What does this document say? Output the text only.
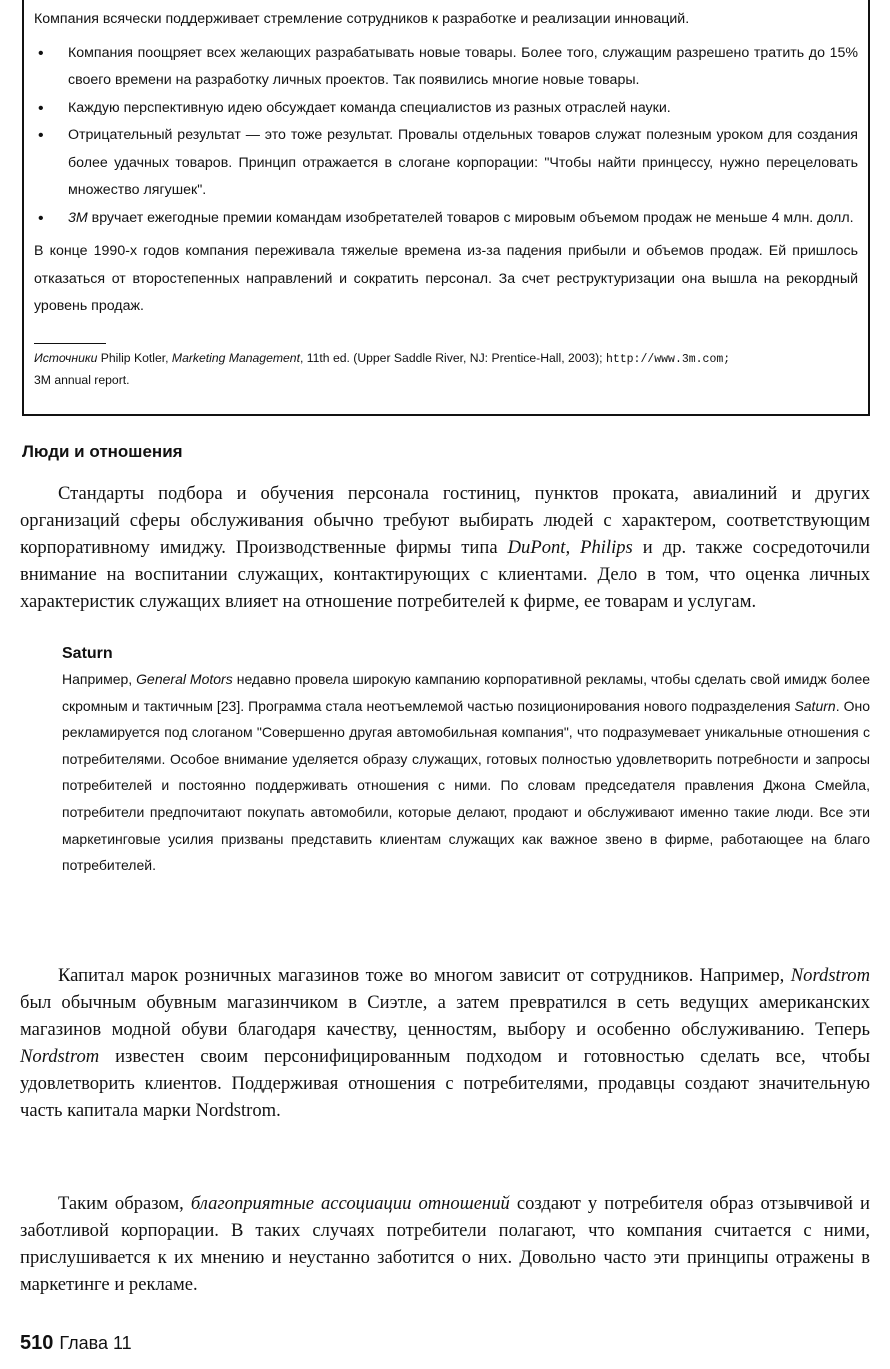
Компания всячески поддерживает стремление сотрудников к разработке и реализации инноваций.

• Компания поощряет всех желающих разрабатывать новые товары. Более того, служащим разрешено тратить до 15% своего времени на разработку личных проектов. Так появились многие новые товары.
• Каждую перспективную идею обсуждает команда специалистов из разных отраслей науки.
• Отрицательный результат — это тоже результат. Провалы отдельных товаров служат полезным уроком для создания более удачных товаров. Принцип отражается в слогане корпорации: "Чтобы найти принцессу, нужно перецеловать множество лягушек".
• 3M вручает ежегодные премии командам изобретателей товаров с мировым объемом продаж не меньше 4 млн. долл.

В конце 1990-х годов компания переживала тяжелые времена из-за падения прибыли и объемов продаж. Ей пришлось отказаться от второстепенных направлений и сократить персонал. За счет реструктуризации она вышла на рекордный уровень продаж.

Источники Philip Kotler, Marketing Management, 11th ed. (Upper Saddle River, NJ: Prentice-Hall, 2003); http://www.3m.com;
3M annual report.

Люди и отношения

Стандарты подбора и обучения персонала гостиниц, пунктов проката, авиалиний и других организаций сферы обслуживания обычно требуют выбирать людей с характером, соответствующим корпоративному имиджу. Производственные фирмы типа DuPont, Philips и др. также сосредоточили внимание на воспитании служащих, контактирующих с клиентами. Дело в том, что оценка личных характеристик служащих влияет на отношение потребителей к фирме, ее товарам и услугам.

Saturn

Например, General Motors недавно провела широкую кампанию корпоративной рекламы, чтобы сделать свой имидж более скромным и тактичным [23]. Программа стала неотъемлемой частью позиционирования нового подразделения Saturn. Оно рекламируется под слоганом "Совершенно другая автомобильная компания", что подразумевает уникальные отношения с потребителями. Особое внимание уделяется образу служащих, готовых полностью удовлетворить потребности и запросы потребителей и постоянно поддерживать отношения с ними. По словам председателя правления Джона Смейла, потребители предпочитают покупать автомобили, которые делают, продают и обслуживают именно такие люди. Все эти маркетинговые усилия призваны представить клиентам служащих как важное звено в фирме, работающее на благо потребителей.

Капитал марок розничных магазинов тоже во многом зависит от сотрудников. Например, Nordstrom был обычным обувным магазинчиком в Сиэтле, а затем превратился в сеть ведущих американских магазинов модной обуви благодаря качеству, ценностям, выбору и особенно обслуживанию. Теперь Nordstrom известен своим персонифицированным подходом и готовностью сделать все, чтобы удовлетворить клиентов. Поддерживая отношения с потребителями, продавцы создают значительную часть капитала марки Nordstrom.

Таким образом, благоприятные ассоциации отношений создают у потребителя образ отзывчивой и заботливой корпорации. В таких случаях потребители полагают, что компания считается с ними, прислушивается к их мнению и неустанно заботится о них. Довольно часто эти принципы отражены в маркетинге и рекламе.

510 Глава 11
